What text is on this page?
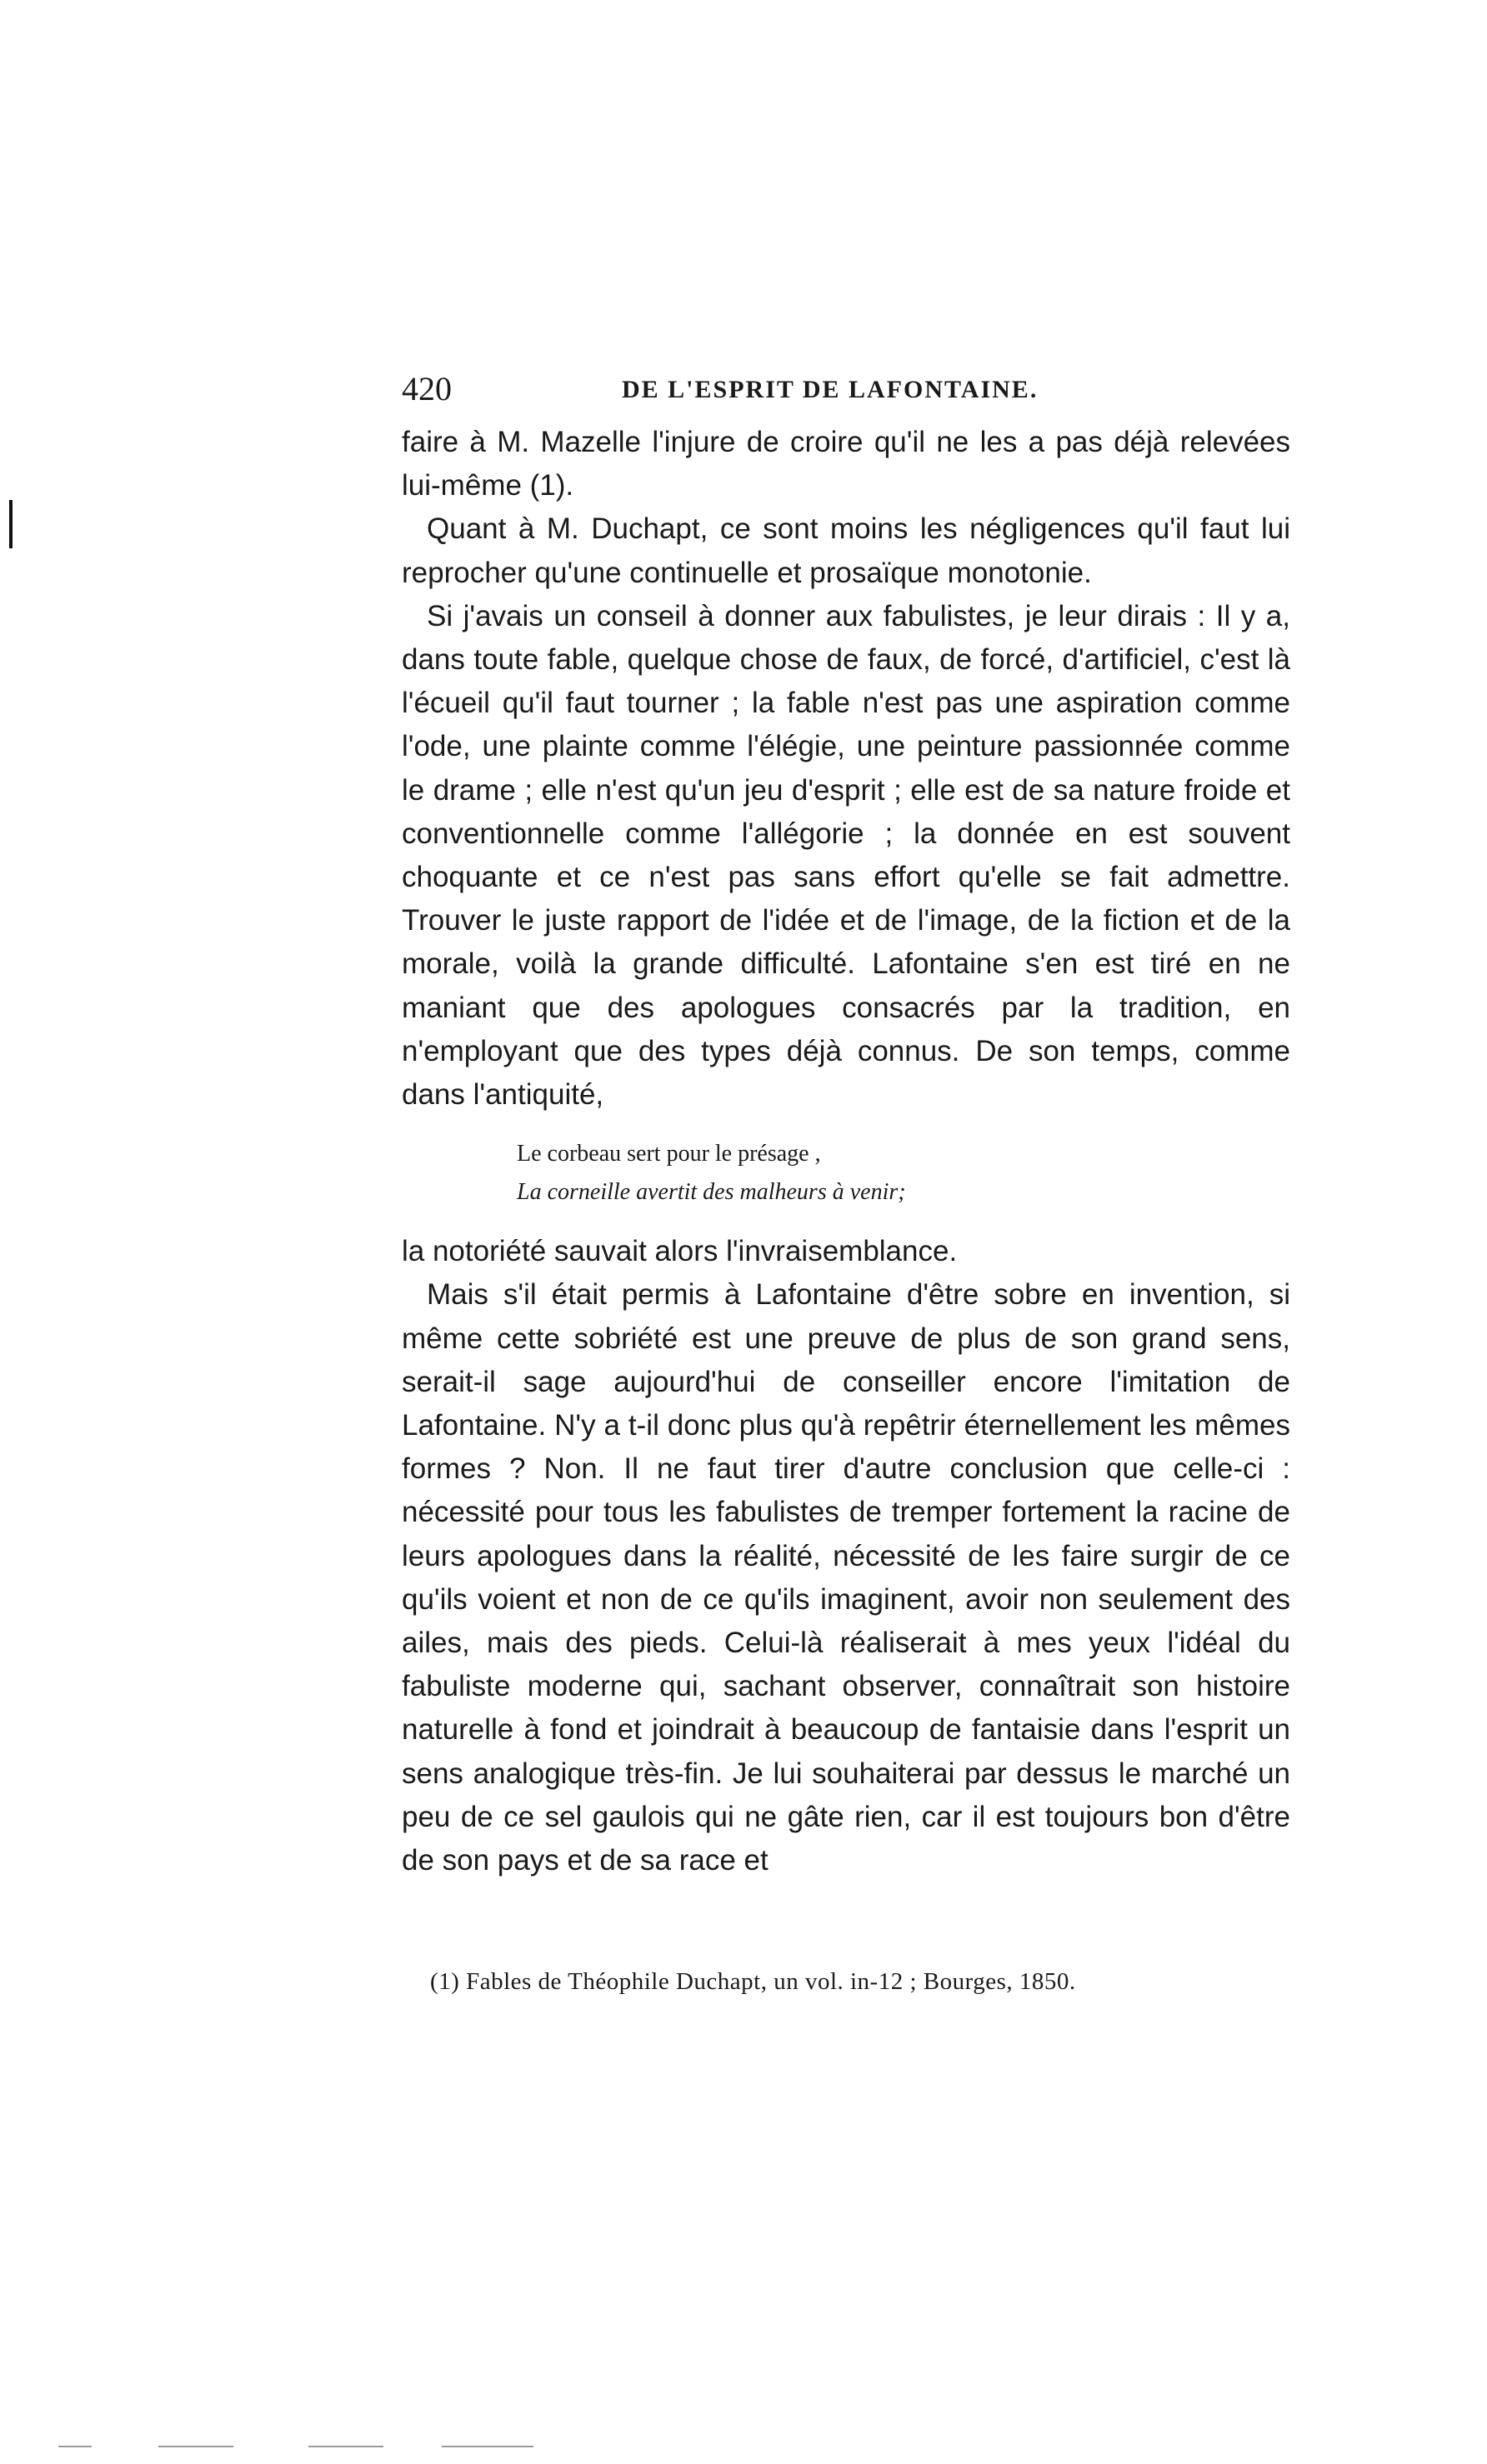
420	DE L'ESPRIT DE LAFONTAINE.

faire à M. Mazelle l'injure de croire qu'il ne les a pas déjà relevées lui-même (1).

Quant à M. Duchapt, ce sont moins les négligences qu'il faut lui reprocher qu'une continuelle et prosaïque monotonie.

Si j'avais un conseil à donner aux fabulistes, je leur dirais : Il y a, dans toute fable, quelque chose de faux, de forcé, d'artificiel, c'est là l'écueil qu'il faut tourner ; la fable n'est pas une aspiration comme l'ode, une plainte comme l'élégie, une peinture passionnée comme le drame ; elle n'est qu'un jeu d'esprit ; elle est de sa nature froide et conventionnelle comme l'allégorie ; la donnée en est souvent choquante et ce n'est pas sans effort qu'elle se fait admettre. Trouver le juste rapport de l'idée et de l'image, de la fiction et de la morale, voilà la grande difficulté. Lafontaine s'en est tiré en ne maniant que des apologues consacrés par la tradition, en n'employant que des types déjà connus. De son temps, comme dans l'antiquité,

Le corbeau sert pour le présage ,
La corneille avertit des malheurs à venir;

la notoriété sauvait alors l'invraisemblance.

Mais s'il était permis à Lafontaine d'être sobre en invention, si même cette sobriété est une preuve de plus de son grand sens, serait-il sage aujourd'hui de conseiller encore l'imitation de Lafontaine. N'y a t-il donc plus qu'à repêtrir éternellement les mêmes formes ? Non. Il ne faut tirer d'autre conclusion que celle-ci : nécessité pour tous les fabulistes de tremper fortement la racine de leurs apologues dans la réalité, nécessité de les faire surgir de ce qu'ils voient et non de ce qu'ils imaginent, avoir non seulement des ailes, mais des pieds. Celui-là réaliserait à mes yeux l'idéal du fabuliste moderne qui, sachant observer, connaîtrait son histoire naturelle à fond et joindrait à beaucoup de fantaisie dans l'esprit un sens analogique très-fin. Je lui souhaiterai par dessus le marché un peu de ce sel gaulois qui ne gâte rien, car il est toujours bon d'être de son pays et de sa race et

(1) Fables de Théophile Duchapt, un vol. in-12 ; Bourges, 1850.
